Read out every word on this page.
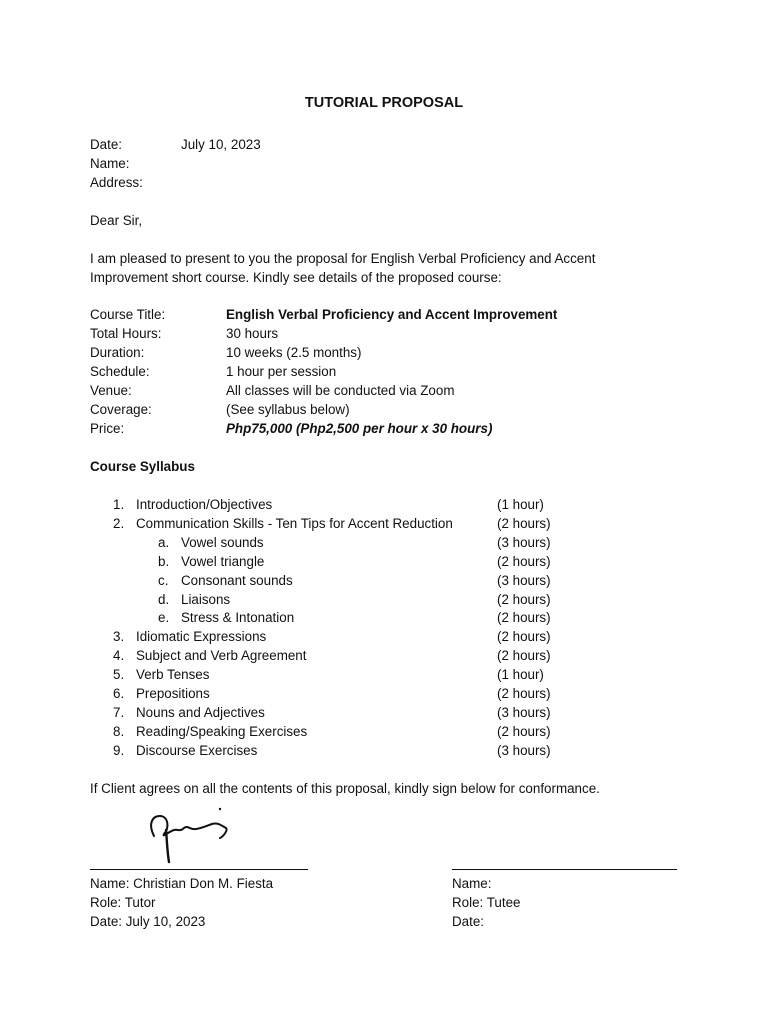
TUTORIAL PROPOSAL
Date:	July 10, 2023
Name:
Address:
Dear Sir,
I am pleased to present to you the proposal for English Verbal Proficiency and Accent
Improvement short course. Kindly see details of the proposed course:
Course Title:	English Verbal Proficiency and Accent Improvement
Total Hours:	30 hours
Duration:	10 weeks (2.5 months)
Schedule:	1 hour per session
Venue:	All classes will be conducted via Zoom
Coverage:	(See syllabus below)
Price:	Php75,000 (Php2,500 per hour x 30 hours)
Course Syllabus
1. Introduction/Objectives	(1 hour)
2. Communication Skills - Ten Tips for Accent Reduction	(2 hours)
a. Vowel sounds	(3 hours)
b. Vowel triangle	(2 hours)
c. Consonant sounds	(3 hours)
d. Liaisons	(2 hours)
e. Stress & Intonation	(2 hours)
3. Idiomatic Expressions	(2 hours)
4. Subject and Verb Agreement	(2 hours)
5. Verb Tenses	(1 hour)
6. Prepositions	(2 hours)
7. Nouns and Adjectives	(3 hours)
8. Reading/Speaking Exercises	(2 hours)
9. Discourse Exercises	(3 hours)
If Client agrees on all the contents of this proposal, kindly sign below for conformance.
Name: Christian Don M. Fiesta
Role: Tutor
Date: July 10, 2023
Name:
Role: Tutee
Date:
